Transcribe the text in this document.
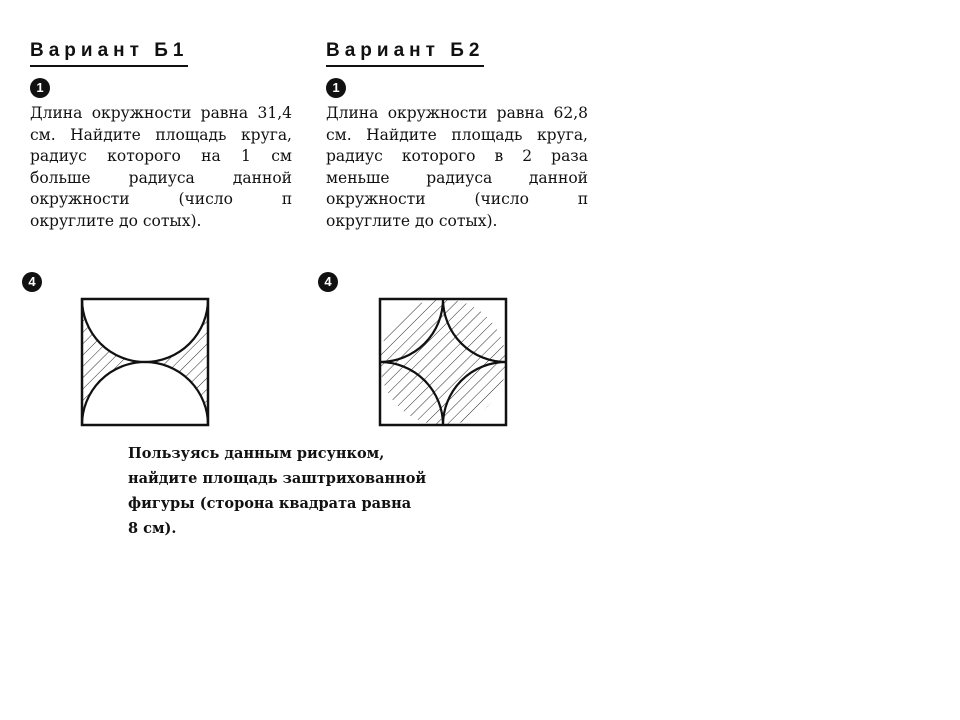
Вариант Б1
1
Длина окружности равна 31,4 см. Найдите площадь круга, радиус которого на 1 см больше радиуса данной окружности (число π округлите до сотых).
Вариант Б2
1
Длина окружности равна 62,8 см. Найдите площадь круга, радиус которого в 2 раза меньше радиуса данной окружности (число π округлите до сотых).
4	4
Пользуясь данным рисунком,
найдите площадь заштрихованной
фигуры (сторона квадрата равна
8 см).
